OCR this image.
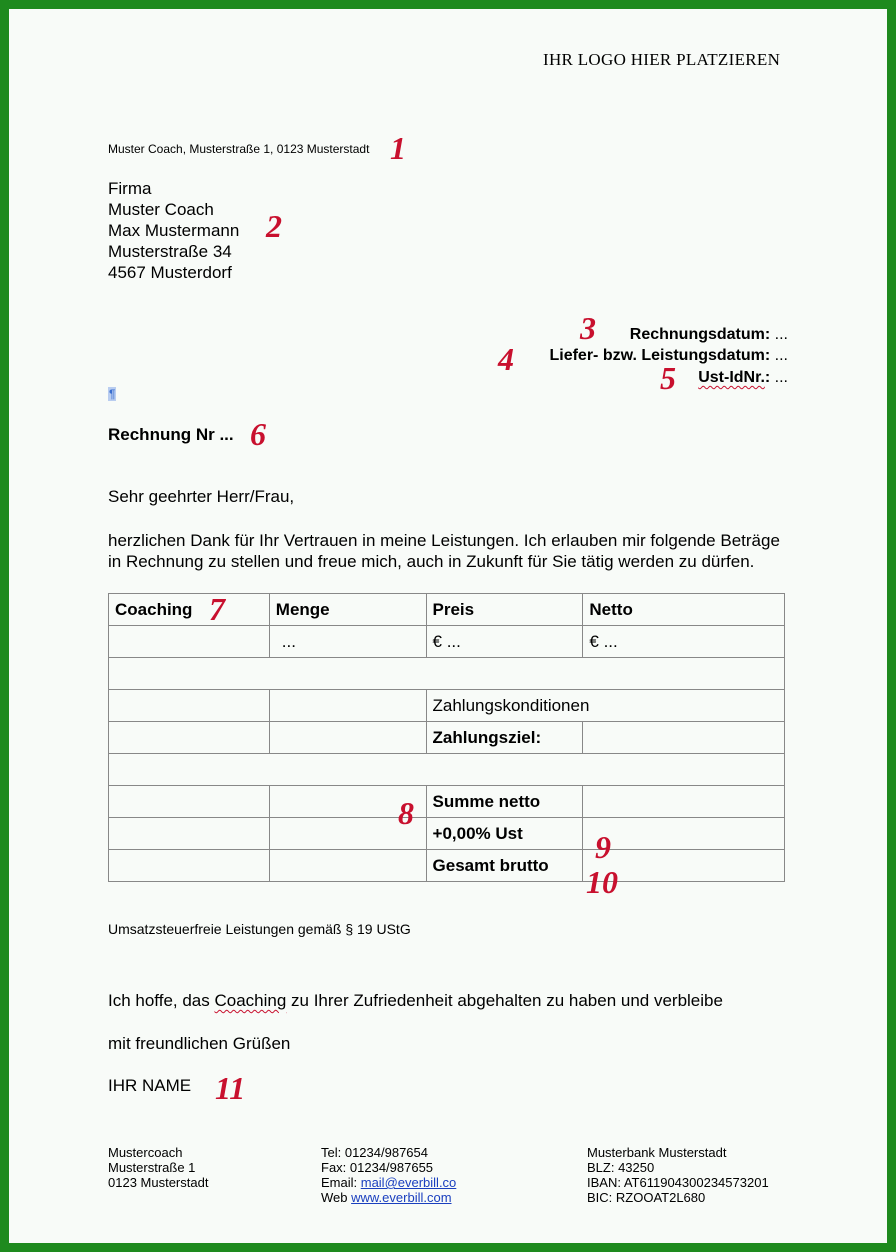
IHR LOGO HIER PLATZIEREN
Muster Coach, Musterstraße 1, 0123 Musterstadt 1
Firma
Muster Coach
Max Mustermann
Musterstraße 34
4567 Musterdorf
2
3 Rechnungsdatum: ...
4 Liefer- bzw. Leistungsdatum: ...
5 Ust-IdNr.: ...
¶
Rechnung Nr ... 6
Sehr geehrter Herr/Frau,
herzlichen Dank für Ihr Vertrauen in meine Leistungen. Ich erlauben mir folgende Beträge in Rechnung zu stellen und freue mich, auch in Zukunft für Sie tätig werden zu dürfen.
Coaching	Menge	Preis	Netto
	...	€ ...	€ ...

		Zahlungskonditionen	
		Zahlungsziel:	

		Summe netto	
		+0,00% Ust	
		Gesamt brutto	
7
8
9
10
Umsatzsteuerfreie Leistungen gemäß § 19 UStG
Ich hoffe, das Coaching zu Ihrer Zufriedenheit abgehalten zu haben und verbleibe
mit freundlichen Grüßen
IHR NAME 11
Mustercoach
Musterstraße 1
0123 Musterstadt
Tel: 01234/987654
Fax: 01234/987655
Email: mail@everbill.co
Web www.everbill.com
Musterbank Musterstadt
BLZ: 43250
IBAN: AT611904300234573201
BIC: RZOOAT2L680
